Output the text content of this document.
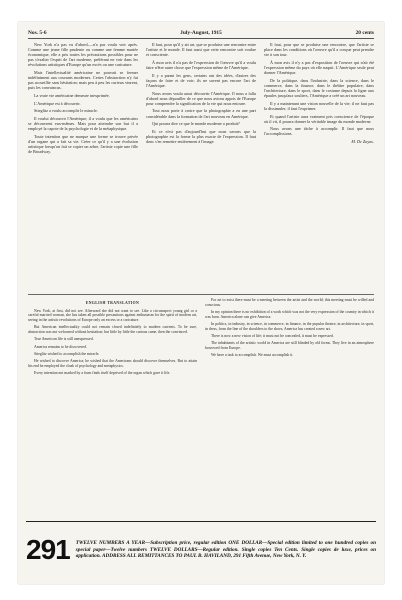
Nos. 5-6	July-August, 1915	20 cents

New York n'a pas vu d'abord,—n'a pas voulu voir après. Comme une jeune fille prudente ou comme une femme mariée économique, elle a pris toutes les précautions possibles pour ne pas s'exalter l'esprit de l'art moderne, préférant ne voir dans les révolutions artistiques d'Europe qu'un excès ou une caricature.

Mais l'intellectualité américaine ne pouvait se fermer indéfiniment aux courants modernes. Certes l'abstraction n'y fut pas accueillie sans hésitation; mais peu à peu les curieux vinrent, puis les convaincus.

La vraie vie américaine demeure inexprimée.

L'Amérique est à découvrir.

Stieglitz a voulu accomplir le miracle.

Il voulut découvrir l'Amérique; il a voulu que les américains se découvrent eux-mêmes. Mais pour atteindre son but il a employé la capote de la psychologie et de la métaphysique.

Toute intention que ne marque une forme se trouve privée d'un organe qui a fait sa vie. Créer ce qu'il y a une évolution artistique lorsqu'on fait se copier un arbre, l'artiste copie une fille de Broadway.

Il faut, pour qu'il y ait art, que se produise une rencontre entre l'artiste et le monde. Il faut aussi que cette rencontre soit voulue et consciente.

À mon avis il n'a pas de l'expression de l'oeuvre qu'il a voulu faire n'être autre chose que l'expression même de l'Amérique.

Il y a parmi les gens, certains ont des idées, d'autres des façons de faire et de voir; ils ne savent pas encore l'art de l'Amérique.

Nous avons voulu aussi découvrir l'Amérique. Il nous a fallu d'abord nous dépouiller de ce que nous avions appris de l'Europe pour comprendre la signification de la vie qui nous entoure.

Tout nous porte à croire que la photographie a eu une part considérable dans la formation de l'art nouveau en Amérique.

Qui pourra dire ce que le monde moderne a produit?

Et ce n'est pas d'aujourd'hui que nous savons que la photographie est la forme la plus exacte de l'expression. Il faut donc s'en remettre entièrement à l'image.

Il faut, pour que se produise une rencontre, que l'artiste se place dans les conditions où l'oeuvre qu'il a conçue peut prendre vie à son tour.

À mon avis il n'y a pas d'exposition de l'oeuvre qui n'ait été l'expression même du pays où elle naquit. L'Amérique seule peut donner l'Amérique.

De la politique, dans l'industrie, dans la science, dans le commerce, dans la finance, dans le théâtre populaire, dans l'architecture, dans le sport, dans le costume depuis la ligne aux épaules jusqu'aux souliers, l'Amérique a créé un art nouveau.

Il y a maintenant une vision nouvelle de la vie; il ne faut pas la dissimuler, il faut l'exprimer.

Et quand l'artiste aura vraiment pris conscience de l'époque où il vit, il pourra donner la véritable image du monde moderne.

Nous avons une tâche à accomplir. Il faut que nous l'accomplissions.

M. De Zayas.

ENGLISH TRANSLATION

New York, at first, did not see. Afterward she did not want to see. Like a circumspect young girl or a careful married woman, she has taken all possible precautions against enthusiasm for the spirit of modern art, seeing in the artistic revolutions of Europe only an excess or a caricature.

But American intellectuality could not remain closed indefinitely to modern currents. To be sure, abstraction was not welcomed without hesitation; but little by little the curious came, then the convinced.

True American life is still unexpressed.

America remains to be discovered.

Stieglitz wished to accomplish the miracle.

He wished to discover America; he wished that the Americans should discover themselves. But to attain his end he employed the cloak of psychology and metaphysics.

Every intention not marked by a form finds itself deprived of the organ which gave it life.

For art to exist there must be a meeting between the artist and the world; this meeting must be willed and conscious.

In my opinion there is no exhibition of a work which was not the very expression of the country in which it was born. America alone can give America.

In politics, in industry, in science, in commerce, in finance, in the popular theatre, in architecture, in sport, in dress, from the line of the shoulders to the shoes, America has created a new art.

There is now a new vision of life; it must not be concealed, it must be expressed.

The inhabitants of the artistic world in America are still blinded by old forms. They live in an atmosphere borrowed from Europe.

We have a task to accomplish. We must accomplish it.

291 TWELVE NUMBERS A YEAR—Subscription price, regular edition ONE DOLLAR—Special edition limited to one hundred copies on special paper—Twelve numbers TWELVE DOLLARS—Regular edition. Single copies Ten Cents. Single copies de luxe, prices on application. ADDRESS ALL REMITTANCES TO PAUL B. HAVILAND, 291 Fifth Avenue, New York, N. Y.
